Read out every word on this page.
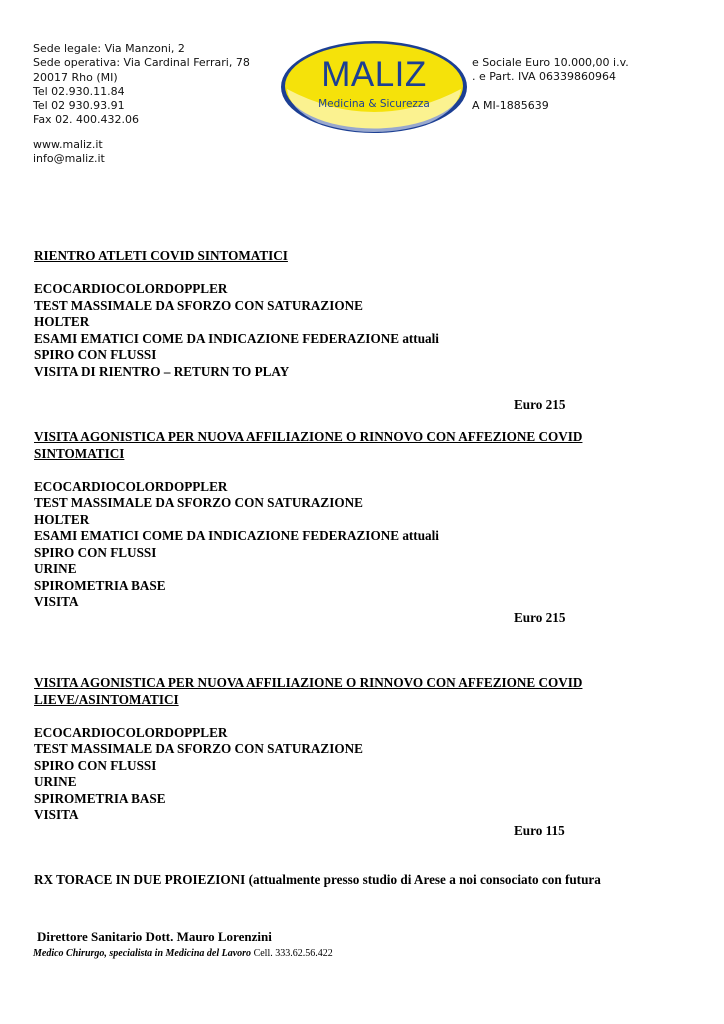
Sede legale: Via Manzoni, 2
Sede operativa: Via Cardinal Ferrari, 78
20017 Rho (MI)
Tel 02.930.11.84
Tel 02 930.93.91
Fax 02. 400.432.06
www.maliz.it
info@maliz.it
MALIZ
Medicina & Sicurezza
e Sociale Euro 10.000,00 i.v.
. e Part. IVA 06339860964
A MI-1885639
RIENTRO ATLETI COVID SINTOMATICI
ECOCARDIOCOLORDOPPLER
TEST MASSIMALE DA SFORZO CON SATURAZIONE
HOLTER
ESAMI EMATICI COME DA INDICAZIONE FEDERAZIONE attuali
SPIRO CON FLUSSI
VISITA DI RIENTRO – RETURN TO PLAY
Euro 215
VISITA AGONISTICA PER NUOVA AFFILIAZIONE O RINNOVO CON AFFEZIONE COVID
SINTOMATICI
ECOCARDIOCOLORDOPPLER
TEST MASSIMALE DA SFORZO CON SATURAZIONE
HOLTER
ESAMI EMATICI COME DA INDICAZIONE FEDERAZIONE attuali
SPIRO CON FLUSSI
URINE
SPIROMETRIA BASE
VISITA
Euro 215
VISITA AGONISTICA PER NUOVA AFFILIAZIONE O RINNOVO CON AFFEZIONE COVID
LIEVE/ASINTOMATICI
ECOCARDIOCOLORDOPPLER
TEST MASSIMALE DA SFORZO CON SATURAZIONE
SPIRO CON FLUSSI
URINE
SPIROMETRIA BASE
VISITA
Euro 115
RX TORACE IN DUE PROIEZIONI (attualmente presso studio di Arese a noi consociato con futura
Direttore Sanitario Dott. Mauro Lorenzini
Medico Chirurgo, specialista in Medicina del Lavoro Cell. 333.62.56.422
